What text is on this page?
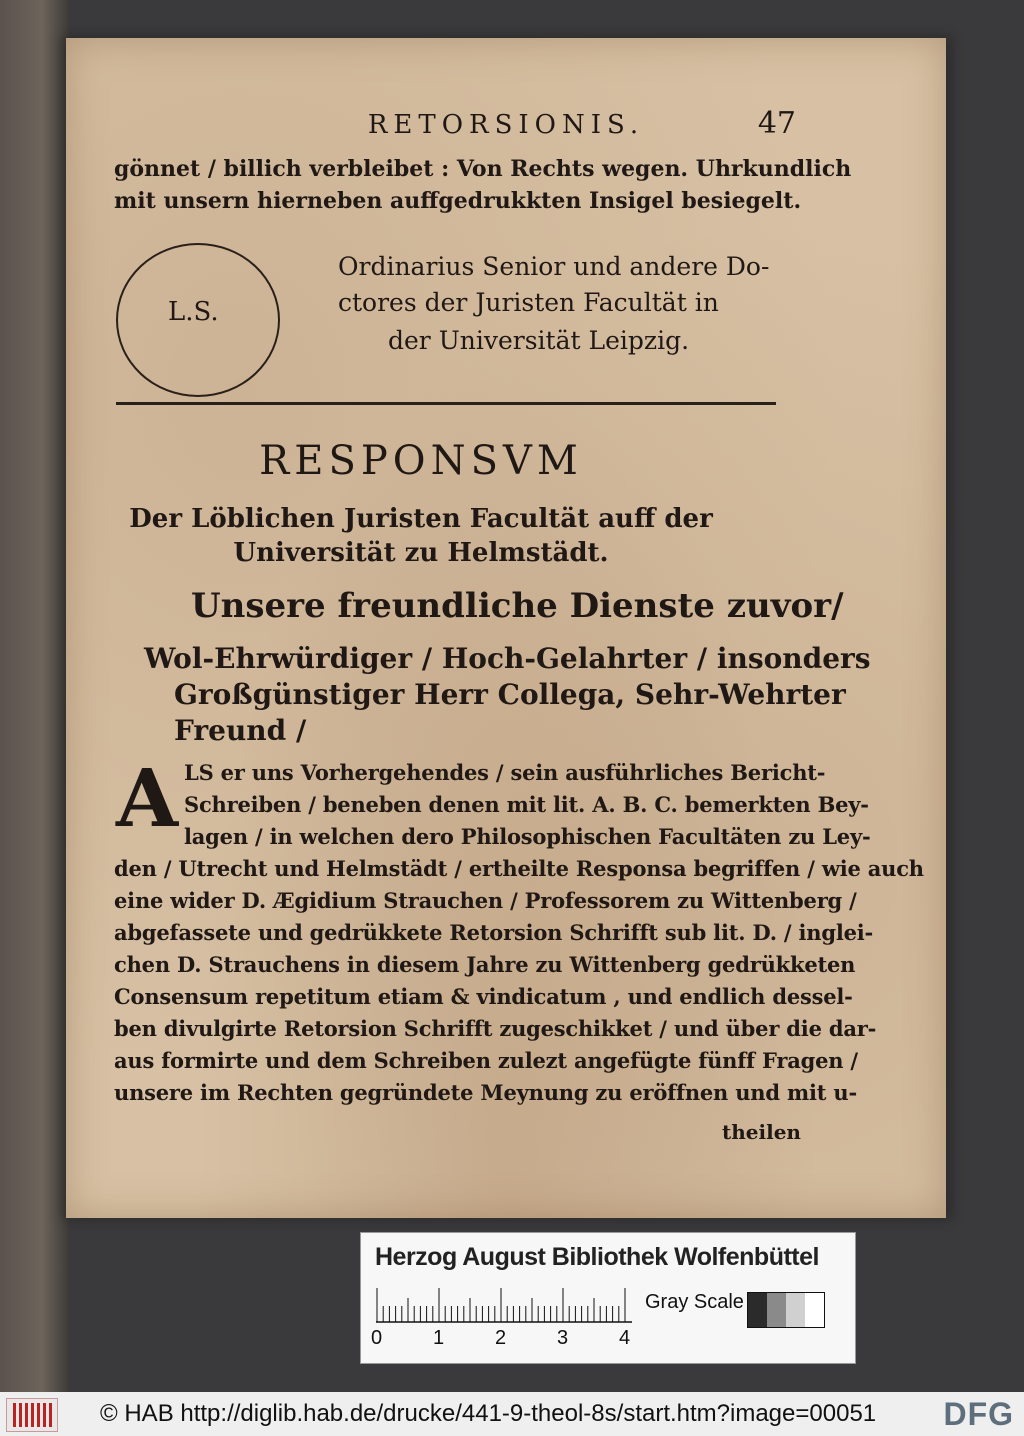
RETORSIONIS.	47
gönnet / billich verbleibet : Von Rechts wegen. Uhrkundlich
mit unsern hierneben auffgedrukkten Insigel besiegelt.
L.S.
Ordinarius Senior und andere Do-
ctores der Juristen Facultät in
der Universität Leipzig.
RESPONSVM
Der Löblichen Juristen Facultät auff der
Universität zu Helmstädt.
Unsere freundliche Dienste zuvor/
Wol-Ehrwürdiger / Hoch-Gelahrter / insonders
Großgünstiger Herr Collega, Sehr-Wehrter
Freund /
A LS er uns Vorhergehendes / sein ausführliches Bericht-
Schreiben / beneben denen mit lit. A. B. C. bemerkten Bey-
lagen / in welchen dero Philosophischen Facultäten zu Ley-
den / Utrecht und Helmstädt / ertheilte Responsa begriffen / wie auch
eine wider D. Ægidium Strauchen / Professorem zu Wittenberg /
abgefassete und gedrükkete Retorsion Schrifft sub lit. D. / inglei-
chen D. Strauchens in diesem Jahre zu Wittenberg gedrükketen
Consensum repetitum etiam & vindicatum , und endlich dessel-
ben divulgirte Retorsion Schrifft zugeschikket / und über die dar-
aus formirte und dem Schreiben zulezt angefügte fünff Fragen /
unsere im Rechten gegründete Meynung zu eröffnen und mit u-
theilen
Herzog August Bibliothek Wolfenbüttel
0	1	2	3	4
Gray Scale
© HAB http://diglib.hab.de/drucke/441-9-theol-8s/start.htm?image=00051 DFG
